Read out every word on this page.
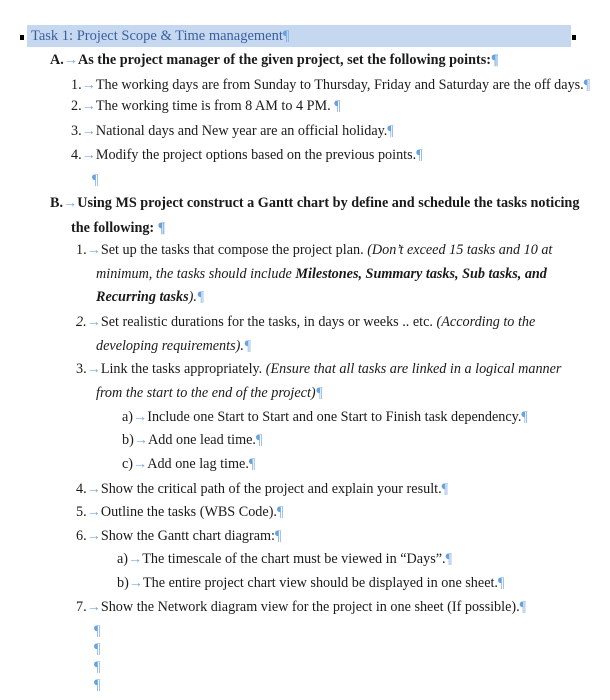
Task 1: Project Scope & Time management¶
A.→As the project manager of the given project, set the following points:¶
1.→The working days are from Sunday to Thursday, Friday and Saturday are the off days.¶
2.→The working time is from 8 AM to 4 PM. ¶
3.→National days and New year are an official holiday.¶
4.→Modify the project options based on the previous points.¶
¶
B.→Using MS project construct a Gantt chart by define and schedule the tasks noticing
the following: ¶
1.→Set up the tasks that compose the project plan. (Don’t exceed 15 tasks and 10 at
minimum, the tasks should include Milestones, Summary tasks, Sub tasks, and
Recurring tasks).¶
2.→Set realistic durations for the tasks, in days or weeks .. etc. (According to the
developing requirements).¶
3.→Link the tasks appropriately. (Ensure that all tasks are linked in a logical manner
from the start to the end of the project)¶
a)→Include one Start to Start and one Start to Finish task dependency.¶
b)→Add one lead time.¶
c)→Add one lag time.¶
4.→Show the critical path of the project and explain your result.¶
5.→Outline the tasks (WBS Code).¶
6.→Show the Gantt chart diagram:¶
a)→The timescale of the chart must be viewed in “Days”.¶
b)→The entire project chart view should be displayed in one sheet.¶
7.→Show the Network diagram view for the project in one sheet (If possible).¶
¶
¶
¶
¶
